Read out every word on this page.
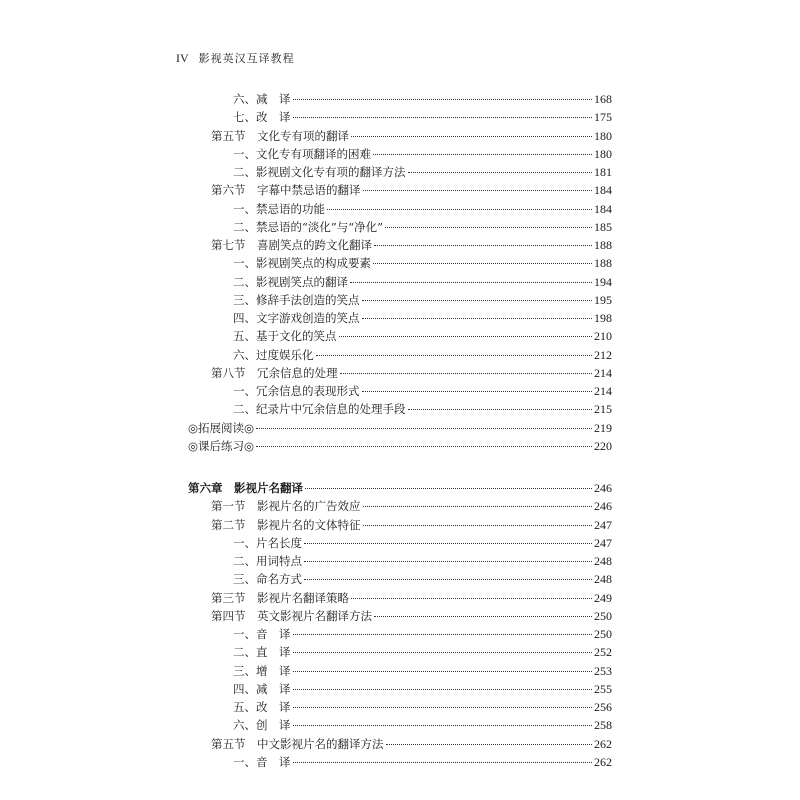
IV 影视英汉互译教程
六、减　译	168
七、改　译	175
第五节　文化专有项的翻译	180
一、文化专有项翻译的困难	180
二、影视剧文化专有项的翻译方法	181
第六节　字幕中禁忌语的翻译	184
一、禁忌语的功能	184
二、禁忌语的“淡化”与“净化”	185
第七节　喜剧笑点的跨文化翻译	188
一、影视剧笑点的构成要素	188
二、影视剧笑点的翻译	194
三、修辞手法创造的笑点	195
四、文字游戏创造的笑点	198
五、基于文化的笑点	210
六、过度娱乐化	212
第八节　冗余信息的处理	214
一、冗余信息的表现形式	214
二、纪录片中冗余信息的处理手段	215
◎拓展阅读◎	219
◎课后练习◎	220
第六章　影视片名翻译	246
第一节　影视片名的广告效应	246
第二节　影视片名的文体特征	247
一、片名长度	247
二、用词特点	248
三、命名方式	248
第三节　影视片名翻译策略	249
第四节　英文影视片名翻译方法	250
一、音　译	250
二、直　译	252
三、增　译	253
四、减　译	255
五、改　译	256
六、创　译	258
第五节　中文影视片名的翻译方法	262
一、音　译	262
